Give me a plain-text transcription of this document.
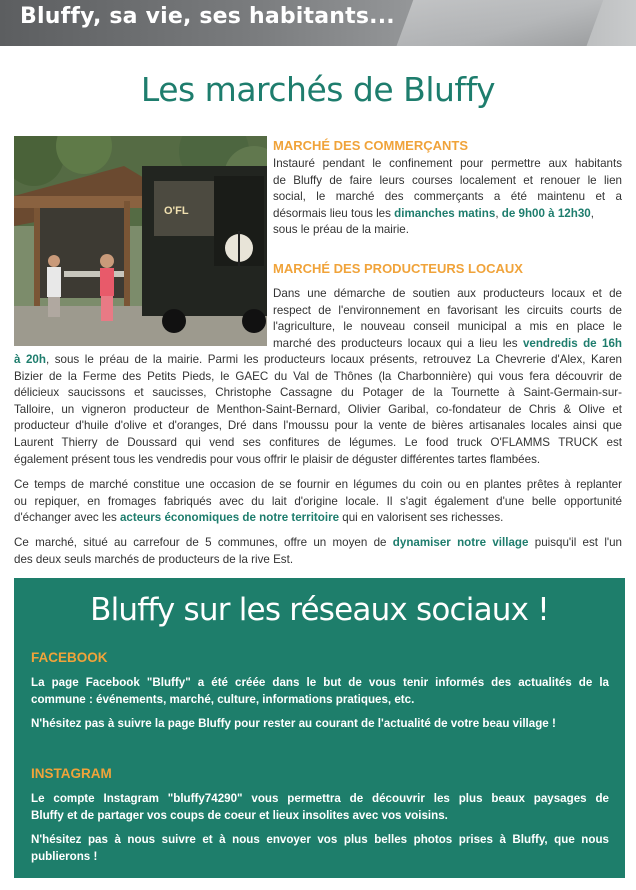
Bluffy, sa vie, ses habitants...
Les marchés de Bluffy
O'FL
MARCHÉ DES COMMERÇANTS
Instauré pendant le confinement pour permettre aux habitants
de Bluffy de faire leurs courses localement et renouer le lien
social, le marché des commerçants a été maintenu et a
désormais lieu tous les dimanches matins, de 9h00 à 12h30,
sous le préau de la mairie.
MARCHÉ DES PRODUCTEURS LOCAUX
Dans une démarche de soutien aux producteurs locaux et de
respect de l'environnement en favorisant les circuits courts de
l'agriculture, le nouveau conseil municipal a mis en place le
marché des producteurs locaux qui a lieu les vendredis de 16h
à 20h, sous le préau de la mairie. Parmi les producteurs locaux présents, retrouvez La Chevrerie d'Alex, Karen
Bizier de la Ferme des Petits Pieds, le GAEC du Val de Thônes (la Charbonnière) qui vous fera découvrir de
délicieux saucissons et saucisses, Christophe Cassagne du Potager de la Tournette à Saint-Germain-sur-
Talloire, un vigneron producteur de Menthon-Saint-Bernard, Olivier Garibal, co-fondateur de Chris & Olive et
producteur d'huile d'olive et d'oranges, Dré dans l'moussu pour la vente de bières artisanales locales ainsi que
Laurent Thierry de Doussard qui vend ses confitures de légumes. Le food truck O'FLAMMS TRUCK est
également présent tous les vendredis pour vous offrir le plaisir de déguster différentes tartes flambées.
Ce temps de marché constitue une occasion de se fournir en légumes du coin ou en plantes prêtes à replanter
ou repiquer, en fromages fabriqués avec du lait d'origine locale. Il s'agit également d'une belle opportunité
d'échanger avec les acteurs économiques de notre territoire qui en valorisent ses richesses.
Ce marché, situé au carrefour de 5 communes, offre un moyen de dynamiser notre village puisqu'il est l'un
des deux seuls marchés de producteurs de la rive Est.
Bluffy sur les réseaux sociaux !
FACEBOOK
La page Facebook "Bluffy" a été créée dans le but de vous tenir informés des actualités de la
commune : événements, marché, culture, informations pratiques, etc.
N'hésitez pas à suivre la page Bluffy pour rester au courant de l'actualité de votre beau village !
INSTAGRAM
Le compte Instagram "bluffy74290" vous permettra de découvrir les plus beaux paysages de
Bluffy et de partager vos coups de coeur et lieux insolites avec vos voisins.
N'hésitez pas à nous suivre et à nous envoyer vos plus belles photos prises à Bluffy, que nous
publierons !
